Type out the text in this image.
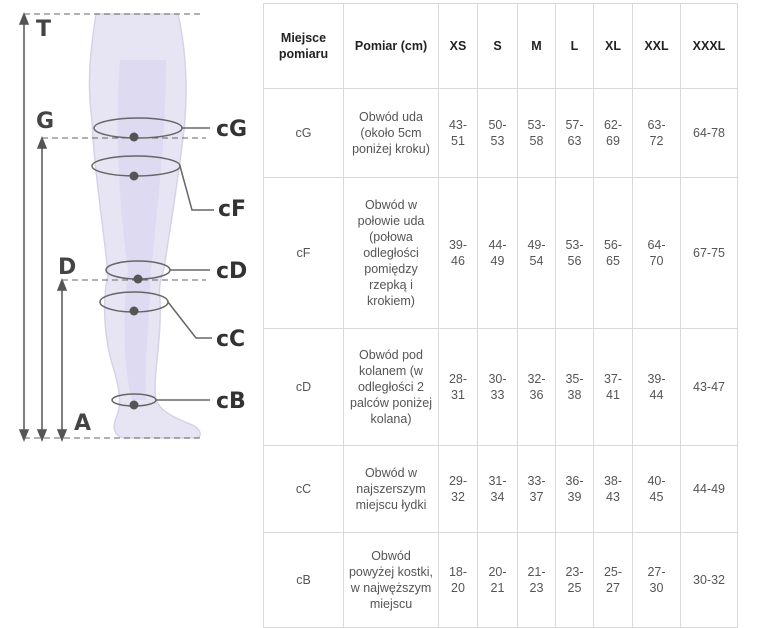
T
G
D
A
cG
cF
cD
cC
cB
Miejsce pomiaru	Pomiar (cm)	XS	S	M	L	XL	XXL	XXXL
cG	Obwód uda (około 5cm poniżej kroku)	43-51	50-53	53-58	57-63	62-69	63-72	64-78
cF	Obwód w połowie uda (połowa odległości pomiędzy rzepką i krokiem)	39-46	44-49	49-54	53-56	56-65	64-70	67-75
cD	Obwód pod kolanem (w odległości 2 palców poniżej kolana)	28-31	30-33	32-36	35-38	37-41	39-44	43-47
cC	Obwód w najszerszym miejscu łydki	29-32	31-34	33-37	36-39	38-43	40-45	44-49
cB	Obwód powyżej kostki, w najwęższym miejscu	18-20	20-21	21-23	23-25	25-27	27-30	30-32
